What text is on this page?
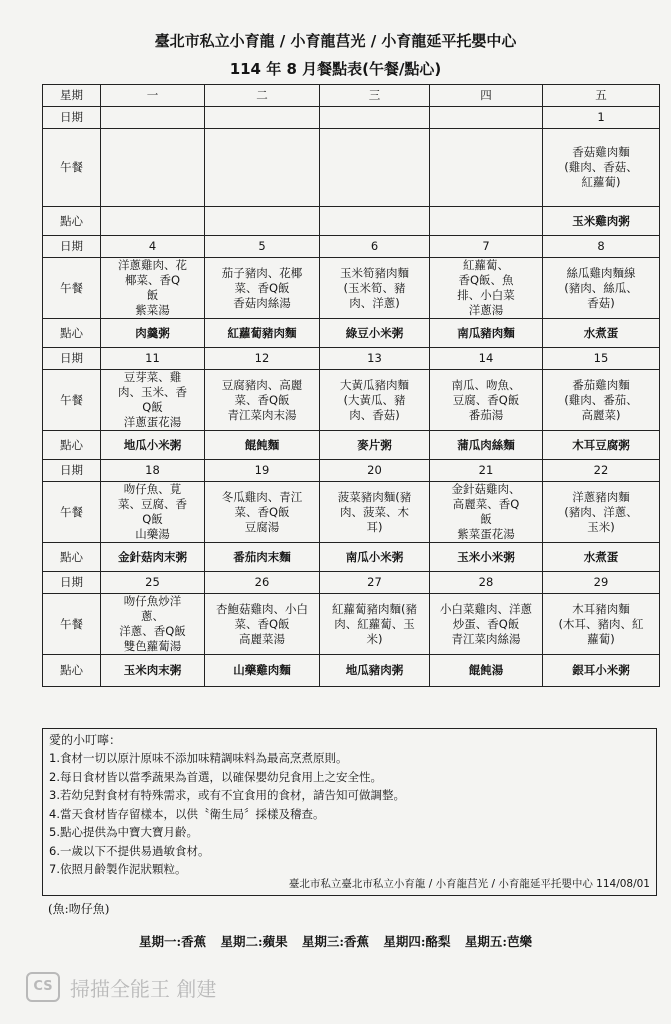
臺北市私立小育龍 / 小育龍莒光 / 小育龍延平托嬰中心
114 年 8 月餐點表(午餐/點心)
星期	一	二	三	四	五
日期					1
午餐					香菇雞肉麵
(雞肉、香菇、
紅蘿蔔)
點心					玉米雞肉粥
日期	4	5	6	7	8
午餐	洋蔥雞肉、花
椰菜、香Q
飯
紫菜湯	茄子豬肉、花椰
菜、香Q飯
香菇肉絲湯	玉米筍豬肉麵
(玉米筍、豬
肉、洋蔥)	紅蘿蔔、
香Q飯、魚
排、小白菜
洋蔥湯	絲瓜雞肉麵線
(豬肉、絲瓜、
香菇)
點心	肉羹粥	紅蘿蔔豬肉麵	綠豆小米粥	南瓜豬肉麵	水煮蛋
日期	11	12	13	14	15
午餐	豆芽菜、雞
肉、玉米、香
Q飯
洋蔥蛋花湯	豆腐豬肉、高麗
菜、香Q飯
青江菜肉末湯	大黃瓜豬肉麵
(大黃瓜、豬
肉、香菇)	南瓜、吻魚、
豆腐、香Q飯
番茄湯	番茄雞肉麵
(雞肉、番茄、
高麗菜)
點心	地瓜小米粥	餛飩麵	麥片粥	蒲瓜肉絲麵	木耳豆腐粥
日期	18	19	20	21	22
午餐	吻仔魚、莧
菜、豆腐、香
Q飯
山藥湯	冬瓜雞肉、青江
菜、香Q飯
豆腐湯	菠菜豬肉麵(豬
肉、菠菜、木
耳)	金針菇雞肉、
高麗菜、香Q
飯
紫菜蛋花湯	洋蔥豬肉麵
(豬肉、洋蔥、
玉米)
點心	金針菇肉末粥	番茄肉末麵	南瓜小米粥	玉米小米粥	水煮蛋
日期	25	26	27	28	29
午餐	吻仔魚炒洋
蔥、
洋蔥、香Q飯
雙色蘿蔔湯	杏鮑菇雞肉、小白
菜、香Q飯
高麗菜湯	紅蘿蔔豬肉麵(豬
肉、紅蘿蔔、玉
米)	小白菜雞肉、洋蔥
炒蛋、香Q飯
青江菜肉絲湯	木耳豬肉麵
(木耳、豬肉、紅
蘿蔔)
點心	玉米肉末粥	山藥雞肉麵	地瓜豬肉粥	餛飩湯	銀耳小米粥
愛的小叮嚀：
1.食材一切以原汁原味不添加味精調味料為最高烹煮原則。
2.每日食材皆以當季蔬果為首選，以確保嬰幼兒食用上之安全性。
3.若幼兒對食材有特殊需求，或有不宜食用的食材，請告知可做調整。
4.當天食材皆存留樣本，以供〝衛生局〞採樣及稽查。
5.點心提供為中寶大寶月齡。
6.一歲以下不提供易過敏食材。
7.依照月齡製作泥狀顆粒。
臺北市私立臺北市私立小育龍 / 小育龍莒光 / 小育龍延平托嬰中心 114/08/01
(魚:吻仔魚)
星期一:香蕉 星期二:蘋果 星期三:香蕉 星期四:酪梨 星期五:芭樂
CS 掃描全能王 創建
